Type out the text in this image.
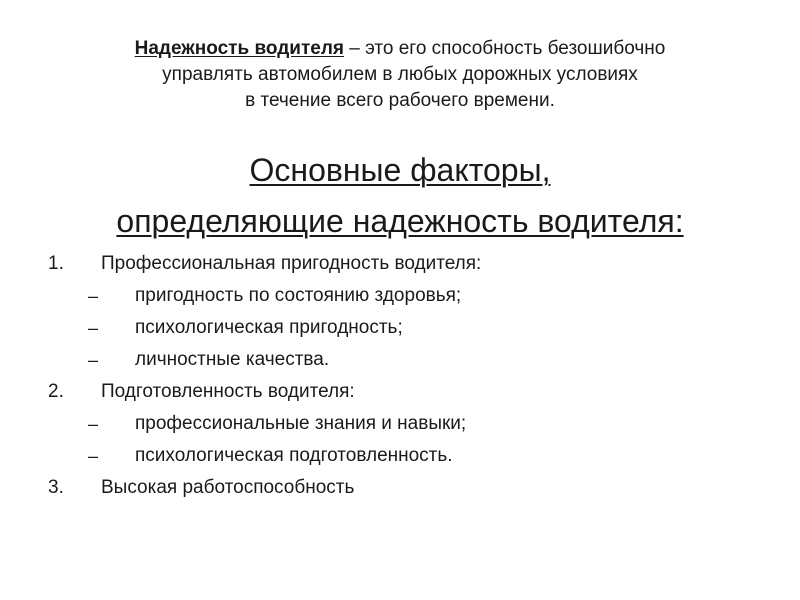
Надежность водителя – это его способность безошибочно
управлять автомобилем в любых дорожных условиях
в течение всего рабочего времени.
Основные факторы,
определяющие надежность водителя:
1. Профессиональная пригодность водителя:
– пригодность по состоянию здоровья;
– психологическая пригодность;
– личностные качества.
2. Подготовленность водителя:
– профессиональные знания и навыки;
– психологическая подготовленность.
3. Высокая работоспособность
